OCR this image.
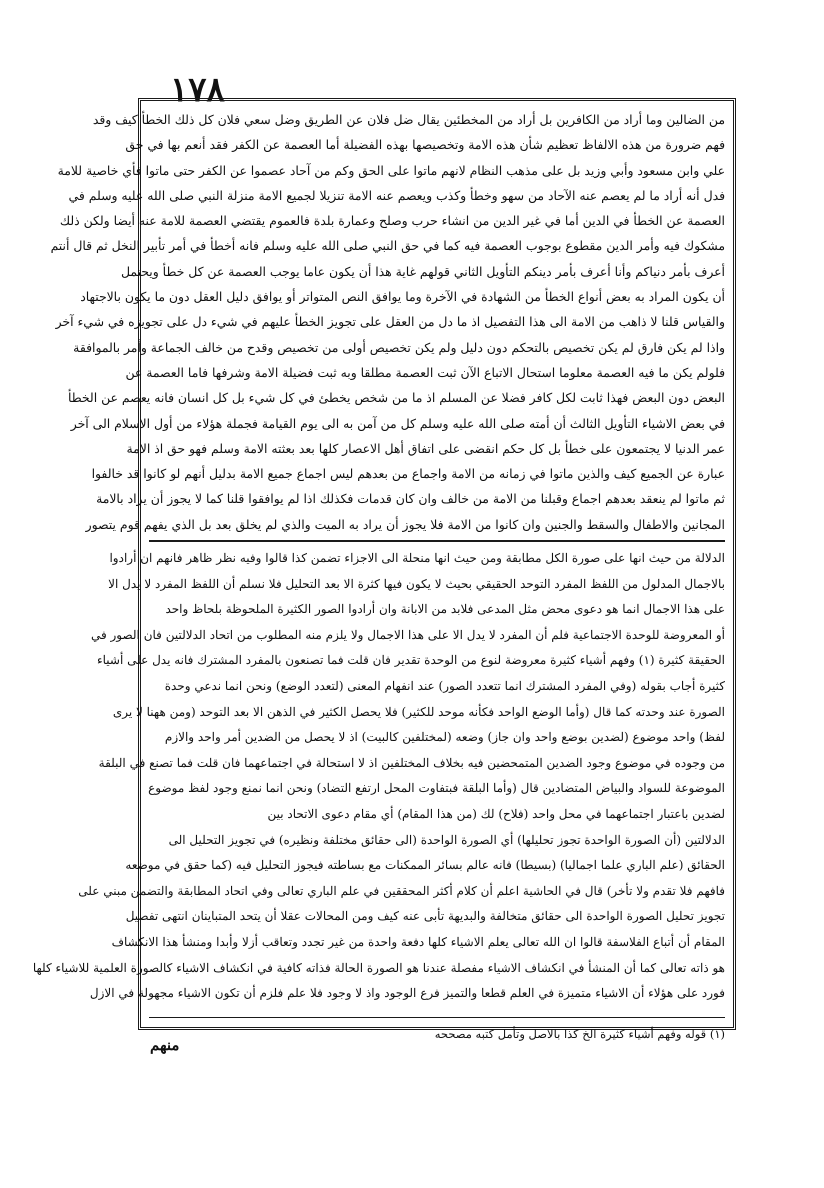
١٧٨
من الضالين وما أراد من الكافرين بل أراد من المخطئين يقال ضل فلان عن الطريق وضل سعي فلان كل ذلك الخطأ كيف وقد
فهم ضرورة من هذه الالفاظ تعظيم شأن هذه الامة وتخصيصها بهذه الفضيلة أما العصمة عن الكفر فقد أنعم بها في حق
علي وابن مسعود وأبي وزيد بل على مذهب النظام لانهم ماتوا على الحق وكم من آحاد عصموا عن الكفر حتى ماتوا فأي خاصية للامة
فدل أنه أراد ما لم يعصم عنه الآحاد من سهو وخطأ وكذب ويعصم عنه الامة تنزيلا لجميع الامة منزلة النبي صلى الله عليه وسلم في
العصمة عن الخطأ في الدين أما في غير الدين من انشاء حرب وصلح وعمارة بلدة فالعموم يقتضي العصمة للامة عنه أيضا ولكن ذلك
مشكوك فيه وأمر الدين مقطوع بوجوب العصمة فيه كما في حق النبي صلى الله عليه وسلم فانه أخطأ في أمر تأبير النخل ثم قال أنتم
أعرف بأمر دنياكم وأنا أعرف بأمر دينكم التأويل الثاني قولهم غاية هذا أن يكون عاما يوجب العصمة عن كل خطأ ويحتمل
أن يكون المراد به بعض أنواع الخطأ من الشهادة في الآخرة وما يوافق النص المتواتر أو يوافق دليل العقل دون ما يكون بالاجتهاد
والقياس قلنا لا ذاهب من الامة الى هذا التفصيل اذ ما دل من العقل على تجويز الخطأ عليهم في شيء دل على تجويزه في شيء آخر
واذا لم يكن فارق لم يكن تخصيص بالتحكم دون دليل ولم يكن تخصيص أولى من تخصيص وقدح من خالف الجماعة وأمر بالموافقة
فلولم يكن ما فيه العصمة معلوما استحال الاتباع الآن ثبت العصمة مطلقا وبه ثبت فضيلة الامة وشرفها فاما العصمة عن
البعض دون البعض فهذا ثابت لكل كافر فضلا عن المسلم اذ ما من شخص يخطئ في كل شيء بل كل انسان فانه يعصم عن الخطأ
في بعض الاشياء التأويل الثالث أن أمته صلى الله عليه وسلم كل من آمن به الى يوم القيامة فجملة هؤلاء من أول الاسلام الى آخر
عمر الدنيا لا يجتمعون على خطأ بل كل حكم انقضى على اتفاق أهل الاعصار كلها بعد بعثته الامة وسلم فهو حق اذ الامة
عبارة عن الجميع كيف والذين ماتوا في زمانه من الامة واجماع من بعدهم ليس اجماع جميع الامة بدليل أنهم لو كانوا قد خالفوا
ثم ماتوا لم ينعقد بعدهم اجماع وقبلنا من الامة من خالف وان كان قدمات فكذلك اذا لم يوافقوا قلنا كما لا يجوز أن يراد بالامة
المجانين والاطفال والسقط والجنين وان كانوا من الامة فلا يجوز أن يراد به الميت والذي لم يخلق بعد بل الذي يفهم قوم يتصور
الدلالة من حيث انها على صورة الكل مطابقة ومن حيث انها منحلة الى الاجزاء تضمن كذا قالوا وفيه نظر ظاهر فانهم ان أرادوا
بالاجمال المدلول من اللفظ المفرد التوحد الحقيقي بحيث لا يكون فيها كثرة الا بعد التحليل فلا نسلم أن اللفظ المفرد لا يدل الا
على هذا الاجمال انما هو دعوى محض مثل المدعى فلابد من الابانة وان أرادوا الصور الكثيرة الملحوظة بلحاظ واحد
أو المعروضة للوحدة الاجتماعية فلم أن المفرد لا يدل الا على هذا الاجمال ولا يلزم منه المطلوب من اتحاد الدلالتين فان الصور في
الحقيقة كثيرة (١) وفهم أشياء كثيرة معروضة لنوع من الوحدة تقدير فان قلت فما تصنعون بالمفرد المشترك فانه يدل على أشياء
كثيرة أجاب بقوله (وفي المفرد المشترك انما تتعدد الصور) عند انفهام المعنى (لتعدد الوضع) ونحن انما ندعي وحدة
الصورة عند وحدته كما قال (وأما الوضع الواحد فكأنه موحد للكثير) فلا يحصل الكثير في الذهن الا بعد التوحد (ومن ههنا لا يرى
لفظ) واحد موضوع (لضدين بوضع واحد وان جاز) وضعه (لمختلفين كالبيت) اذ لا يحصل من الضدين أمر واحد والازم
من وجوده في موضوع وجود الضدين المتمحضين فيه بخلاف المختلفين اذ لا استحالة في اجتماعهما فان قلت فما تصنع في البلقة
الموضوعة للسواد والبياض المتضادين قال (وأما البلقة فبتفاوت المحل ارتفع التضاد) ونحن انما نمنع وجود لفظ موضوع
لضدين باعتبار اجتماعهما في محل واحد (فلاح) لك (من هذا المقام) أي مقام دعوى الاتحاد بين
الدلالتين (أن الصورة الواحدة تجوز تحليلها) أي الصورة الواحدة (الى حقائق مختلفة ونظيره) في تجويز التحليل الى
الحقائق (علم الباري علما اجماليا) (بسيطا) فانه عالم بسائر الممكنات مع بساطته فيجوز التحليل فيه (كما حقق في موضعه
فافهم فلا تقدم ولا تأخر) قال في الحاشية اعلم أن كلام أكثر المحققين في علم الباري تعالى وفي اتحاد المطابقة والتضمن مبني على
تجويز تحليل الصورة الواحدة الى حقائق متخالفة والبديهة تأبى عنه كيف ومن المحالات عقلا أن يتحد المتباينان انتهى تفصيل
المقام أن أتباع الفلاسفة قالوا ان الله تعالى يعلم الاشياء كلها دفعة واحدة من غير تجدد وتعاقب أزلا وأبدا ومنشأ هذا الانكشاف
هو ذاته تعالى كما أن المنشأ في انكشاف الاشياء مفصلة عندنا هو الصورة الحالة فذاته كافية في انكشاف الاشياء كالصورة العلمية للاشياء كلها
فورد على هؤلاء أن الاشياء متميزة في العلم قطعا والتميز فرع الوجود واذ لا وجود فلا علم فلزم أن تكون الاشياء مجهولة في الازل
(١) قوله وفهم أشياء كثيرة الخ كذا بالاصل وتأمل كتبه مصححه
منهم
